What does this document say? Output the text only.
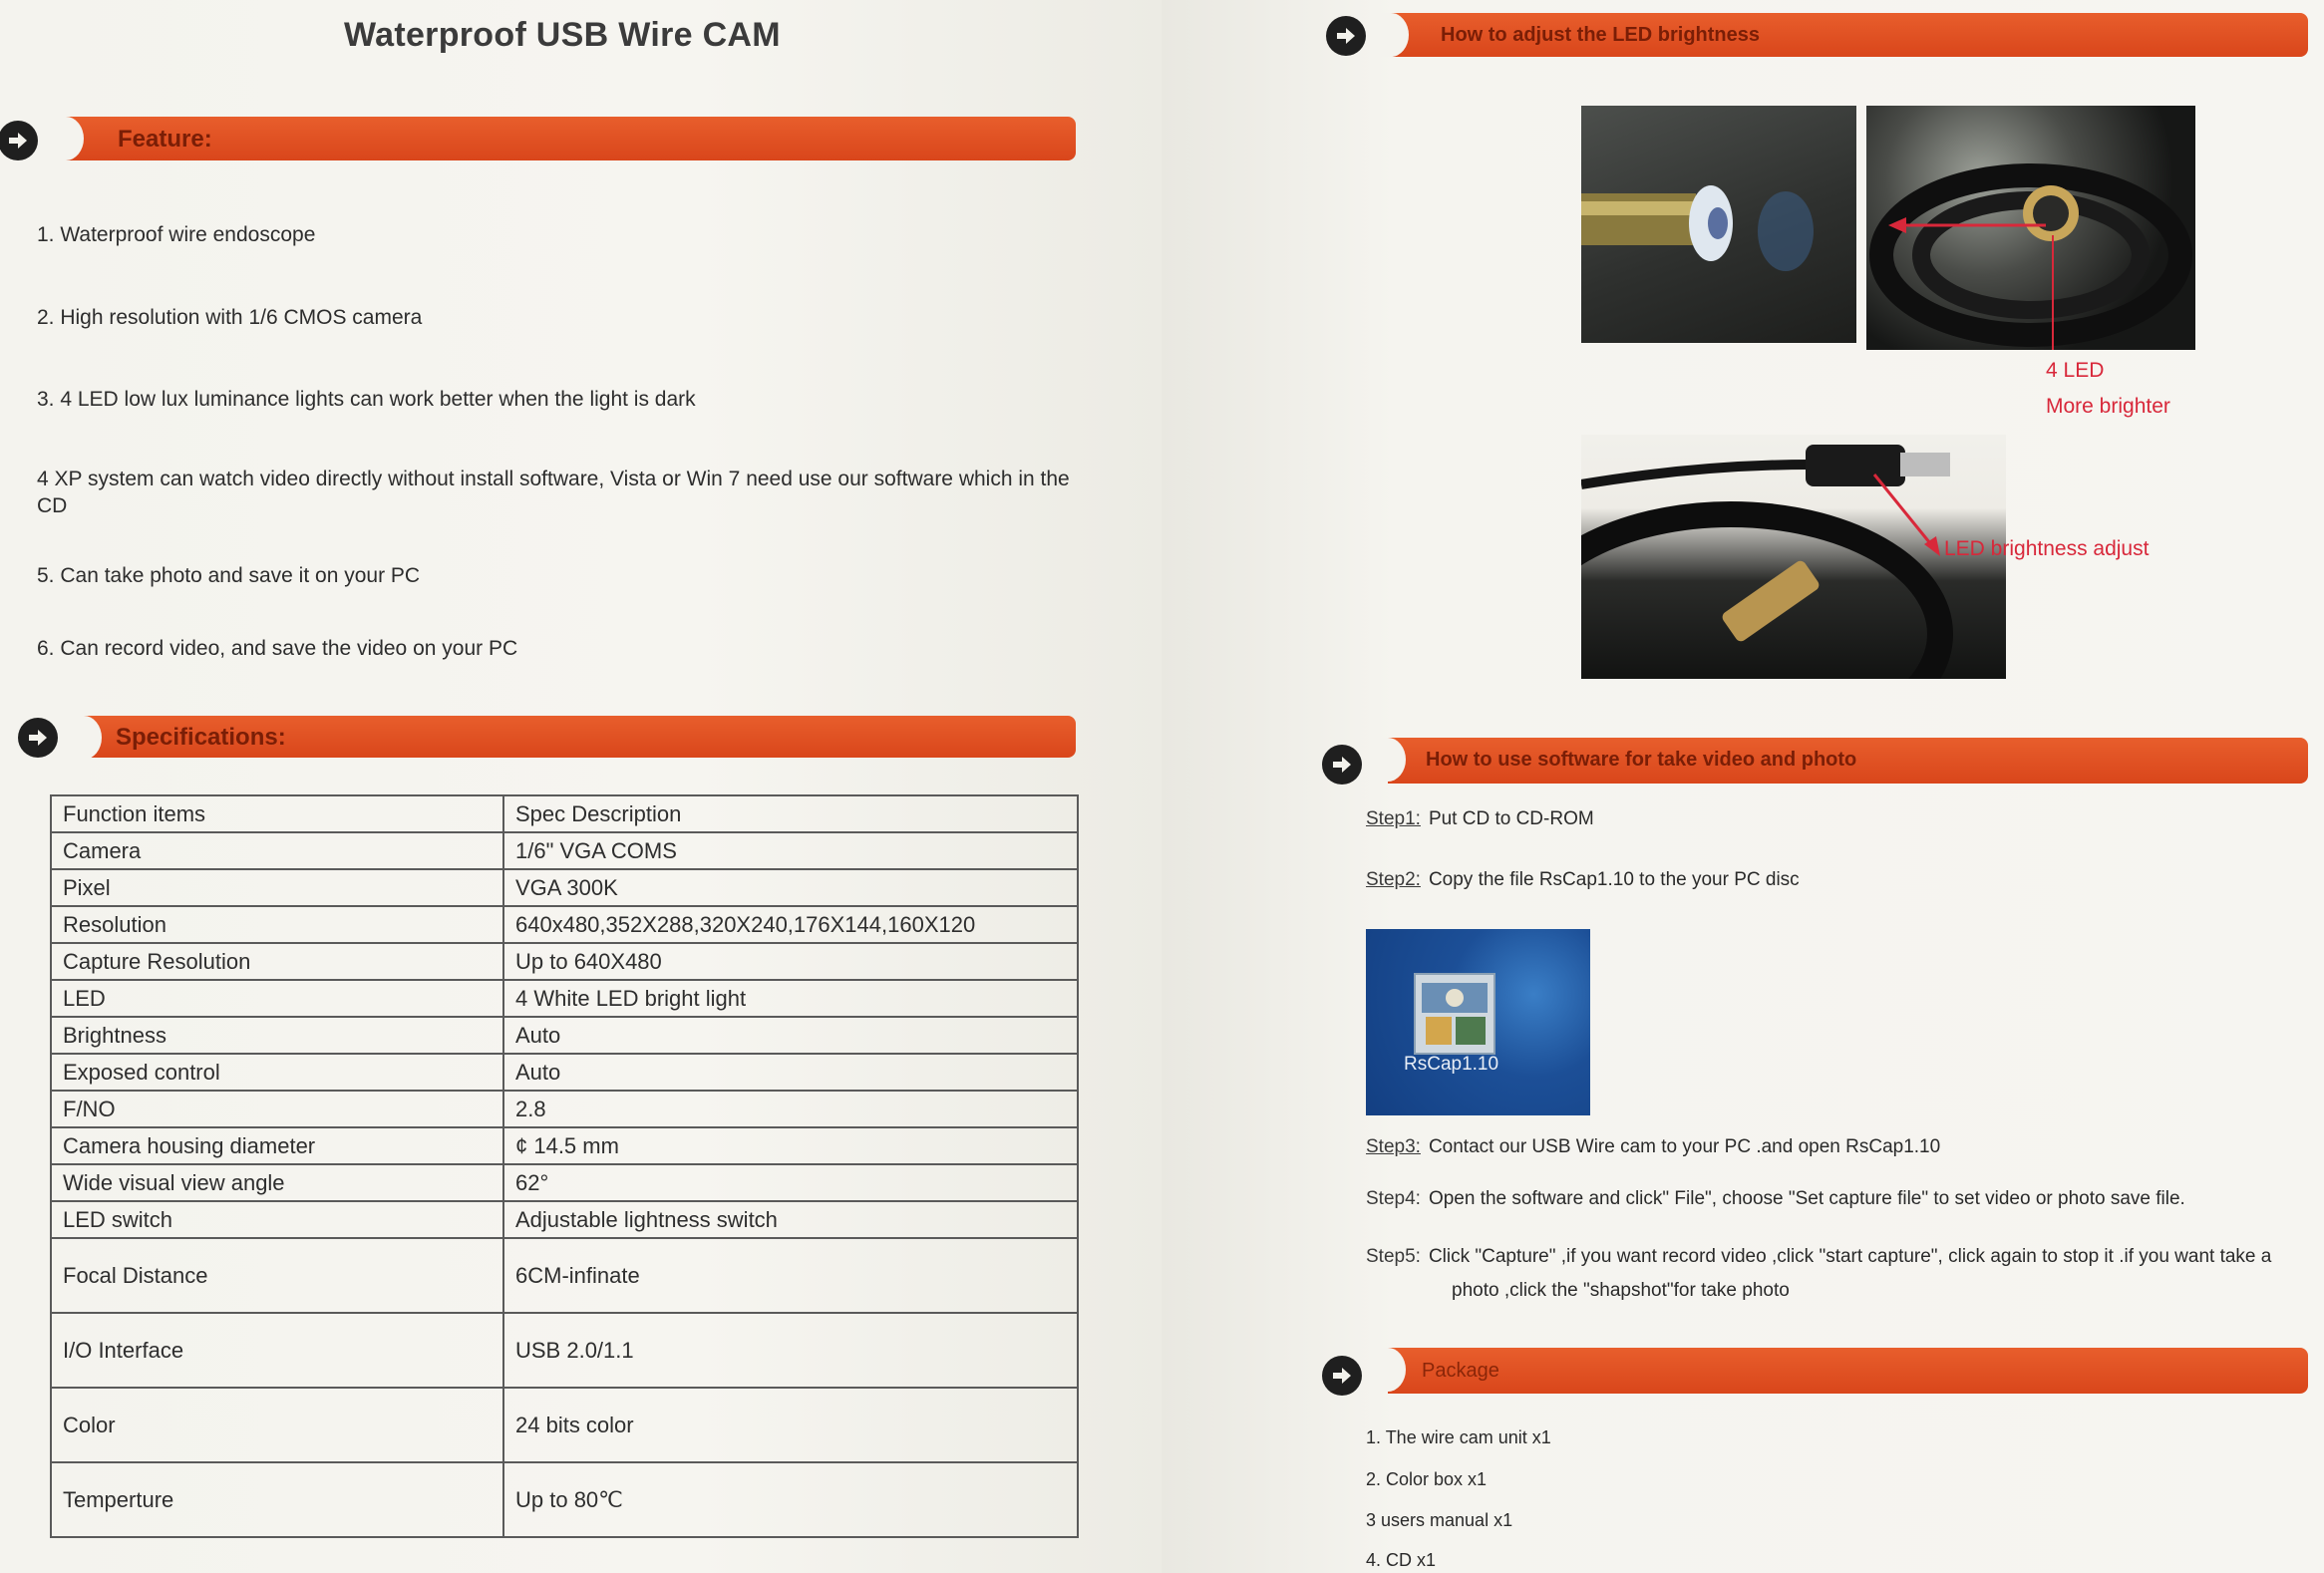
Waterproof USB Wire CAM
Feature:
1. Waterproof wire endoscope
2. High resolution with 1/6 CMOS camera
3. 4 LED low lux luminance lights can work better when the light is dark
4 XP system can watch video directly without install software, Vista or Win 7 need use our software which in the CD
5. Can take photo and save it on your PC
6. Can record video, and save the video on your PC
Specifications:
Function items	Spec Description
Camera	1/6" VGA COMS
Pixel	VGA 300K
Resolution	640x480,352X288,320X240,176X144,160X120
Capture Resolution	Up to 640X480
LED	4 White LED bright light
Brightness	Auto
Exposed control	Auto
F/NO	2.8
Camera housing diameter	¢ 14.5 mm
Wide visual view angle	62°
LED switch	Adjustable lightness switch
Focal Distance	6CM-infinate
I/O Interface	USB 2.0/1.1
Color	24 bits color
Temperture	Up to 80℃
How to adjust the LED brightness
4 LED
More brighter
LED brightness adjust
How to use software for take video and photo
Step1: Put CD to CD-ROM
Step2: Copy the file RsCap1.10 to the your PC disc
RsCap1.10
Step3: Contact our USB Wire cam to your PC .and open RsCap1.10
Step4: Open the software and click" File", choose "Set capture file" to set video or photo save file.
Step5: Click "Capture" ,if you want record video ,click "start capture", click again to stop it .if you want take a
photo ,click the "shapshot"for take photo
Package
1. The wire cam unit x1
2. Color box x1
3 users manual x1
4. CD x1
